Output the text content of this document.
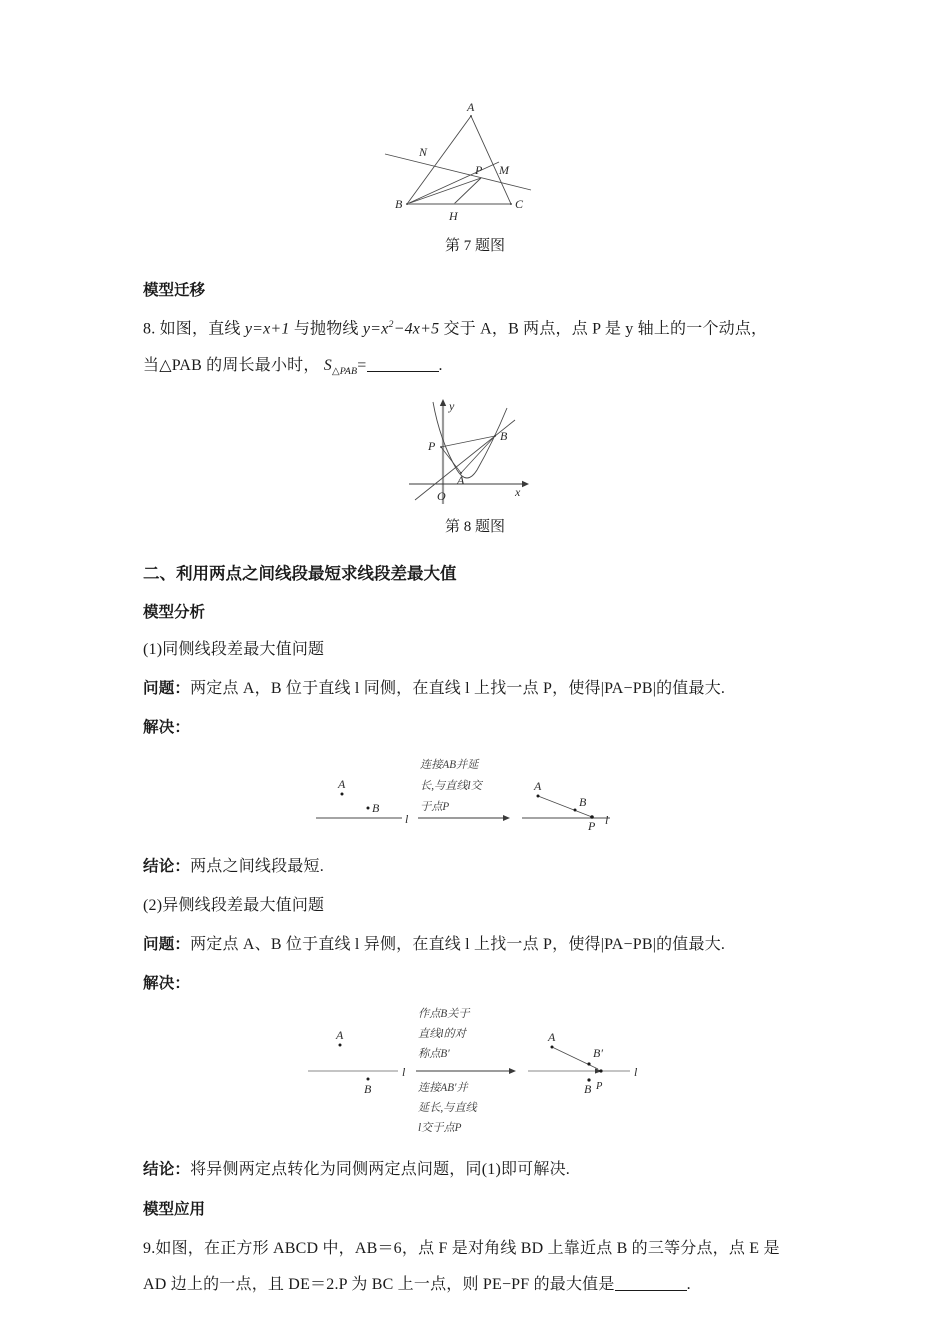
A
B	C
N
P M
H

第 7 题图

模型迁移

8. 如图，直线 y=x+1 与抛物线 $y=x^2-4x+5$ 交于 A，B 两点，点 P 是 y 轴上的一个动点，

当△PAB 的周长最小时， $S_{\triangle PAB}=$	.

y
x
O
P
A
B

第 8 题图

二、利用两点之间线段最短求线段差最大值

模型分析

(1)同侧线段差最大值问题

问题：两定点 A，B 位于直线 l 同侧，在直线 l 上找一点 P，使得|PA−PB|的值最大.

解决：

A
B
l
连接AB并延
长,与直线l交
于点P
A
B
P l

结论：两点之间线段最短.

(2)异侧线段差最大值问题

问题：两定点 A、B 位于直线 l 异侧，在直线 l 上找一点 P，使得|PA−PB|的值最大.

解决：

A
l
B
作点B关于
直线l的对
称点B′
连接AB′并
延长,与直线
l交于点P
A
B′
B P
l

结论：将异侧两定点转化为同侧两定点问题，同(1)即可解决.

模型应用

9.如图，在正方形 ABCD 中，AB＝6，点 F 是对角线 BD 上靠近点 B 的三等分点，点 E 是

AD 边上的一点，且 DE＝2.P 为 BC 上一点，则 PE−PF 的最大值是	.
